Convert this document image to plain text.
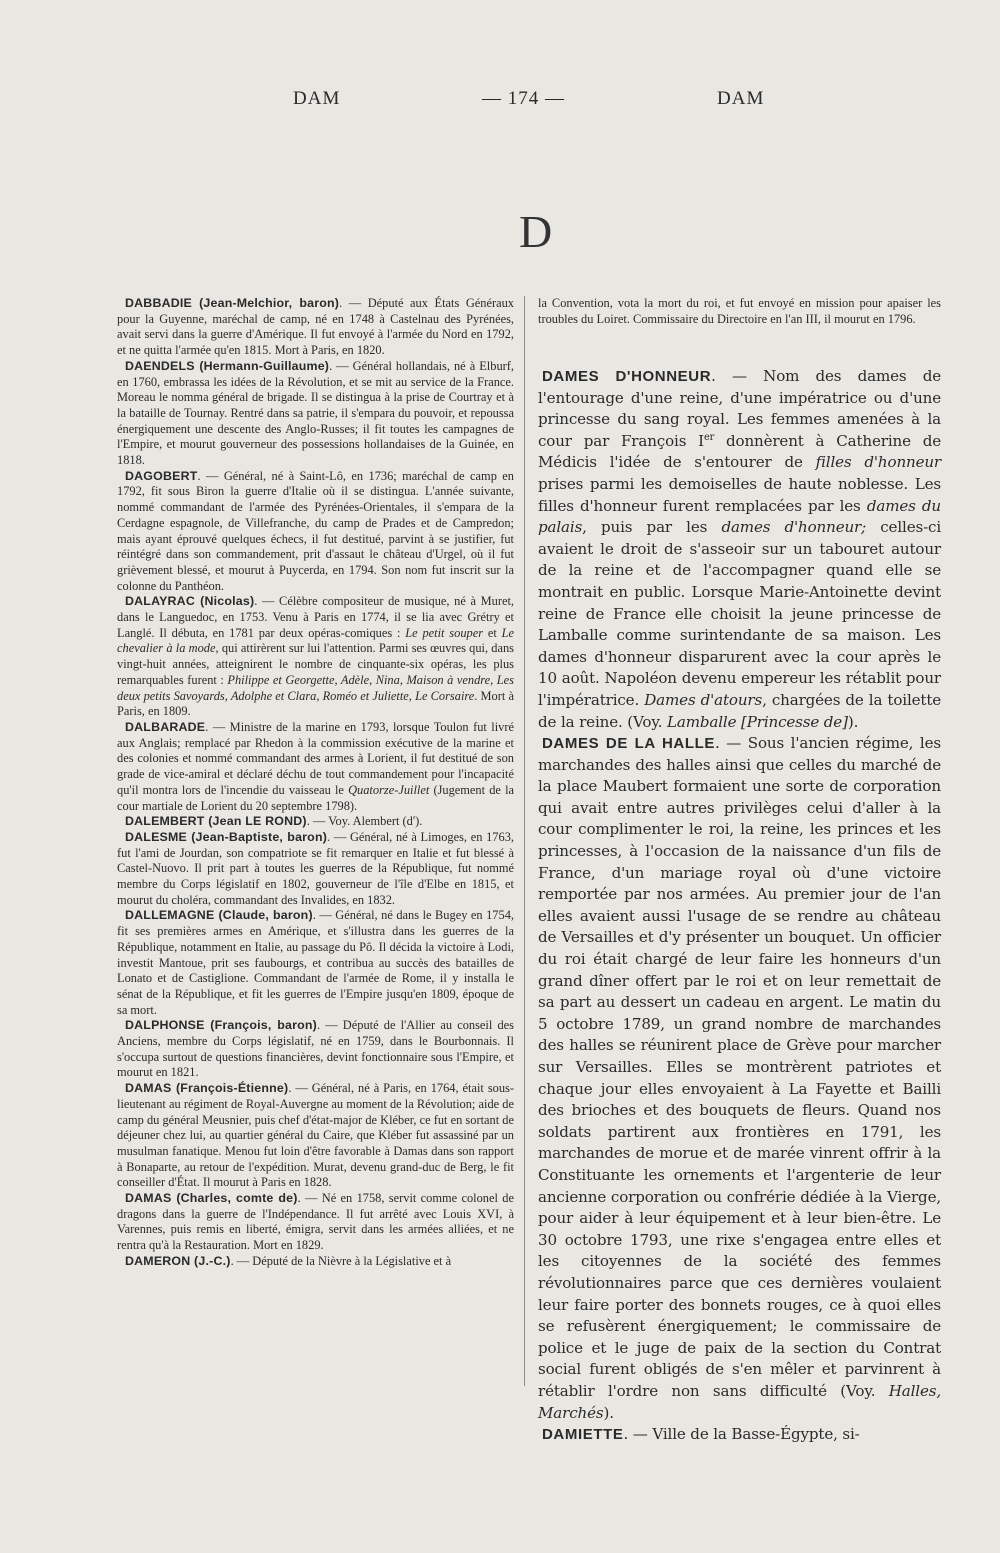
DAM	— 174 —	DAM
D

DABBADIE (Jean-Melchior, baron). — Député aux États Généraux pour la Guyenne, maréchal de camp, né en 1748 à Castelnau des Pyrénées, avait servi dans la guerre d'Amérique. Il fut envoyé à l'armée du Nord en 1792, et ne quitta l'armée qu'en 1815. Mort à Paris, en 1820.

DAENDELS (Hermann-Guillaume). — Général hollandais, né à Elburf, en 1760, embrassa les idées de la Révolution, et se mit au service de la France. Moreau le nomma général de brigade. Il se distingua à la prise de Courtray et à la bataille de Tournay. Rentré dans sa patrie, il s'empara du pouvoir, et repoussa énergiquement une descente des Anglo-Russes; il fit toutes les campagnes de l'Empire, et mourut gouverneur des possessions hollandaises de la Guinée, en 1818.

DAGOBERT. — Général, né à Saint-Lô, en 1736; maréchal de camp en 1792, fit sous Biron la guerre d'Italie où il se distingua. L'année suivante, nommé commandant de l'armée des Pyrénées-Orientales, il s'empara de la Cerdagne espagnole, de Villefranche, du camp de Prades et de Campredon; mais ayant éprouvé quelques échecs, il fut destitué, parvint à se justifier, fut réintégré dans son commandement, prit d'assaut le château d'Urgel, où il fut grièvement blessé, et mourut à Puycerda, en 1794. Son nom fut inscrit sur la colonne du Panthéon.

DALAYRAC (Nicolas). — Célèbre compositeur de musique, né à Muret, dans le Languedoc, en 1753. Venu à Paris en 1774, il se lia avec Grétry et Langlé. Il débuta, en 1781 par deux opéras-comiques : Le petit souper et Le chevalier à la mode, qui attirèrent sur lui l'attention. Parmi ses œuvres qui, dans vingt-huit années, atteignirent le nombre de cinquante-six opéras, les plus remarquables furent : Philippe et Georgette, Adèle, Nina, Maison à vendre, Les deux petits Savoyards, Adolphe et Clara, Roméo et Juliette, Le Corsaire. Mort à Paris, en 1809.

DALBARADE. — Ministre de la marine en 1793, lorsque Toulon fut livré aux Anglais; remplacé par Rhedon à la commission exécutive de la marine et des colonies et nommé commandant des armes à Lorient, il fut destitué de son grade de vice-amiral et déclaré déchu de tout commandement pour l'incapacité qu'il montra lors de l'incendie du vaisseau le Quatorze-Juillet (Jugement de la cour martiale de Lorient du 20 septembre 1798).

DALEMBERT (Jean LE ROND). — Voy. Alembert (d').

DALESME (Jean-Baptiste, baron). — Général, né à Limoges, en 1763, fut l'ami de Jourdan, son compatriote se fit remarquer en Italie et fut blessé à Castel-Nuovo. Il prit part à toutes les guerres de la République, fut nommé membre du Corps législatif en 1802, gouverneur de l'île d'Elbe en 1815, et mourut du choléra, commandant des Invalides, en 1832.

DALLEMAGNE (Claude, baron). — Général, né dans le Bugey en 1754, fit ses premières armes en Amérique, et s'illustra dans les guerres de la République, notamment en Italie, au passage du Pô. Il décida la victoire à Lodi, investit Mantoue, prit ses faubourgs, et contribua au succès des batailles de Lonato et de Castiglione. Commandant de l'armée de Rome, il y installa le sénat de la République, et fit les guerres de l'Empire jusqu'en 1809, époque de sa mort.

DALPHONSE (François, baron). — Député de l'Allier au conseil des Anciens, membre du Corps législatif, né en 1759, dans le Bourbonnais. Il s'occupa surtout de questions financières, devint fonctionnaire sous l'Empire, et mourut en 1821.

DAMAS (François-Étienne). — Général, né à Paris, en 1764, était sous-lieutenant au régiment de Royal-Auvergne au moment de la Révolution; aide de camp du général Meusnier, puis chef d'état-major de Kléber, ce fut en sortant de déjeuner chez lui, au quartier général du Caire, que Kléber fut assassiné par un musulman fanatique. Menou fut loin d'être favorable à Damas dans son rapport à Bonaparte, au retour de l'expédition. Murat, devenu grand-duc de Berg, le fit conseiller d'État. Il mourut à Paris en 1828.

DAMAS (Charles, comte de). — Né en 1758, servit comme colonel de dragons dans la guerre de l'Indépendance. Il fut arrêté avec Louis XVI, à Varennes, puis remis en liberté, émigra, servit dans les armées alliées, et ne rentra qu'à la Restauration. Mort en 1829.

DAMERON (J.-C.). — Député de la Nièvre à la Législative et à

la Convention, vota la mort du roi, et fut envoyé en mission pour apaiser les troubles du Loiret. Commissaire du Directoire en l'an III, il mourut en 1796.

DAMES D'HONNEUR. — Nom des dames de l'entourage d'une reine, d'une impératrice ou d'une princesse du sang royal. Les femmes amenées à la cour par François Ier donnèrent à Catherine de Médicis l'idée de s'entourer de filles d'honneur prises parmi les demoiselles de haute noblesse. Les filles d'honneur furent remplacées par les dames du palais, puis par les dames d'honneur; celles-ci avaient le droit de s'asseoir sur un tabouret autour de la reine et de l'accompagner quand elle se montrait en public. Lorsque Marie-Antoinette devint reine de France elle choisit la jeune princesse de Lamballe comme surintendante de sa maison. Les dames d'honneur disparurent avec la cour après le 10 août. Napoléon devenu empereur les rétablit pour l'impératrice. Dames d'atours, chargées de la toilette de la reine. (Voy. Lamballe [Princesse de]).

DAMES DE LA HALLE. — Sous l'ancien régime, les marchandes des halles ainsi que celles du marché de la place Maubert formaient une sorte de corporation qui avait entre autres privilèges celui d'aller à la cour complimenter le roi, la reine, les princes et les princesses, à l'occasion de la naissance d'un fils de France, d'un mariage royal où d'une victoire remportée par nos armées. Au premier jour de l'an elles avaient aussi l'usage de se rendre au château de Versailles et d'y présenter un bouquet. Un officier du roi était chargé de leur faire les honneurs d'un grand dîner offert par le roi et on leur remettait de sa part au dessert un cadeau en argent. Le matin du 5 octobre 1789, un grand nombre de marchandes des halles se réunirent place de Grève pour marcher sur Versailles. Elles se montrèrent patriotes et chaque jour elles envoyaient à La Fayette et Bailli des brioches et des bouquets de fleurs. Quand nos soldats partirent aux frontières en 1791, les marchandes de morue et de marée vinrent offrir à la Constituante les ornements et l'argenterie de leur ancienne corporation ou confrérie dédiée à la Vierge, pour aider à leur équipement et à leur bien-être. Le 30 octobre 1793, une rixe s'engagea entre elles et les citoyennes de la société des femmes révolutionnaires parce que ces dernières voulaient leur faire porter des bonnets rouges, ce à quoi elles se refusèrent énergiquement; le commissaire de police et le juge de paix de la section du Contrat social furent obligés de s'en mêler et parvinrent à rétablir l'ordre non sans difficulté (Voy. Halles, Marchés).

DAMIETTE. — Ville de la Basse-Égypte, si-
